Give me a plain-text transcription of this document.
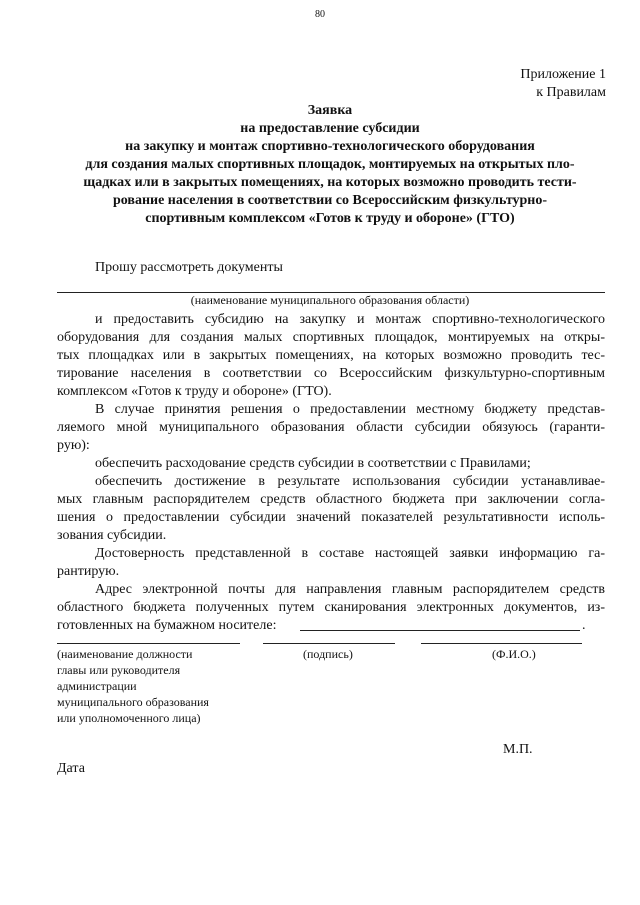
80
Приложение 1
к Правилам
Заявка
на предоставление субсидии
на закупку и монтаж спортивно-технологического оборудования
для создания малых спортивных площадок, монтируемых на открытых пло-
щадках или в закрытых помещениях, на которых возможно проводить тести-
рование населения в соответствии со Всероссийским физкультурно-
спортивным комплексом «Готов к труду и обороне» (ГТО)
Прошу рассмотреть документы
(наименование муниципального образования области)
и предоставить субсидию на закупку и монтаж спортивно-технологического
оборудования для создания малых спортивных площадок, монтируемых на откры-
тых площадках или в закрытых помещениях, на которых возможно проводить тес-
тирование населения в соответствии со Всероссийским физкультурно-спортивным
комплексом «Готов к труду и обороне» (ГТО).
В случае принятия решения о предоставлении местному бюджету представ-
ляемого мной муниципального образования области субсидии обязуюсь (гаранти-
рую):
обеспечить расходование средств субсидии в соответствии с Правилами;
обеспечить достижение в результате использования субсидии устанавливае-
мых главным распорядителем средств областного бюджета при заключении согла-
шения о предоставлении субсидии значений показателей результативности исполь-
зования субсидии.
Достоверность представленной в составе настоящей заявки информацию га-
рантирую.
Адрес электронной почты для направления главным распорядителем средств
областного бюджета полученных путем сканирования электронных документов, из-
готовленных на бумажном носителе:	.
(наименование должности
главы или руководителя
администрации
муниципального образования
или уполномоченного лица)
(подпись)	(Ф.И.О.)
М.П.
Дата
